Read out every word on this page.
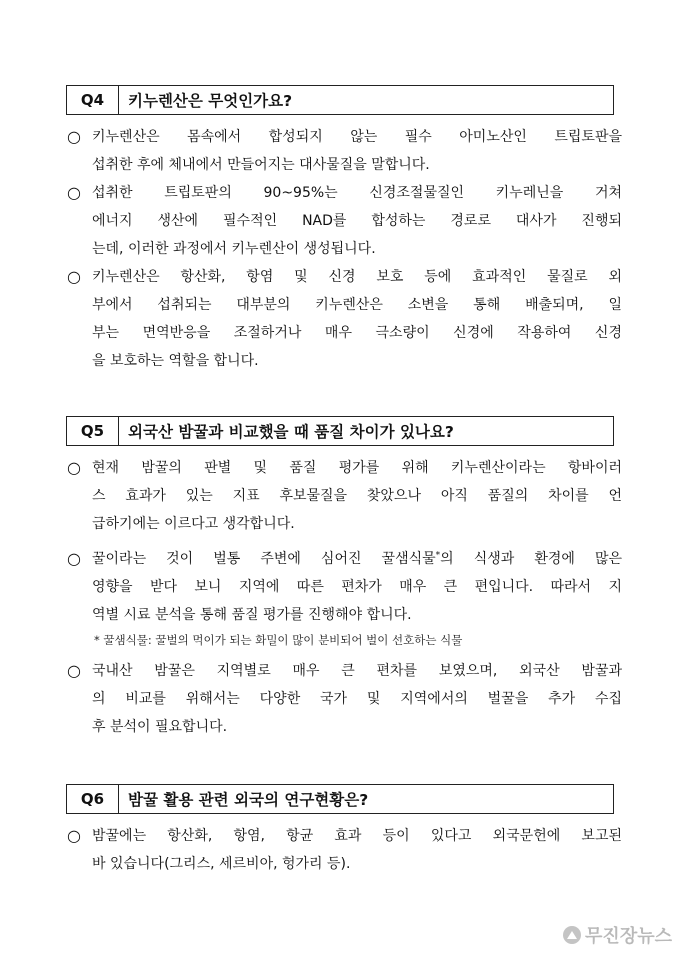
Q4	키누렌산은 무엇인가요?
○ 키누렌산은 몸속에서 합성되지 않는 필수 아미노산인 트립토판을
섭취한 후에 체내에서 만들어지는 대사물질을 말합니다.
○ 섭취한 트립토판의 90~95%는 신경조절물질인 키누레닌을 거쳐
에너지 생산에 필수적인 NAD를 합성하는 경로로 대사가 진행되
는데, 이러한 과정에서 키누렌산이 생성됩니다.
○ 키누렌산은 항산화, 항염 및 신경 보호 등에 효과적인 물질로 외
부에서 섭취되는 대부분의 키누렌산은 소변을 통해 배출되며, 일
부는 면역반응을 조절하거나 매우 극소량이 신경에 작용하여 신경
을 보호하는 역할을 합니다.
Q5	외국산 밤꿀과 비교했을 때 품질 차이가 있나요?
○ 현재 밤꿀의 판별 및 품질 평가를 위해 키누렌산이라는 항바이러
스 효과가 있는 지표 후보물질을 찾았으나 아직 품질의 차이를 언
급하기에는 이르다고 생각합니다.
○ 꿀이라는 것이 벌통 주변에 심어진 꿀샘식물*의 식생과 환경에 많은
영향을 받다 보니 지역에 따른 편차가 매우 큰 편입니다. 따라서 지
역별 시료 분석을 통해 품질 평가를 진행해야 합니다.
* 꿀샘식물: 꿀벌의 먹이가 되는 화밀이 많이 분비되어 벌이 선호하는 식물
○ 국내산 밤꿀은 지역별로 매우 큰 편차를 보였으며, 외국산 밤꿀과
의 비교를 위해서는 다양한 국가 및 지역에서의 벌꿀을 추가 수집
후 분석이 필요합니다.
Q6	밤꿀 활용 관련 외국의 연구현황은?
○ 밤꿀에는 항산화, 항염, 항균 효과 등이 있다고 외국문헌에 보고된
바 있습니다(그리스, 세르비아, 헝가리 등).
무진장뉴스
